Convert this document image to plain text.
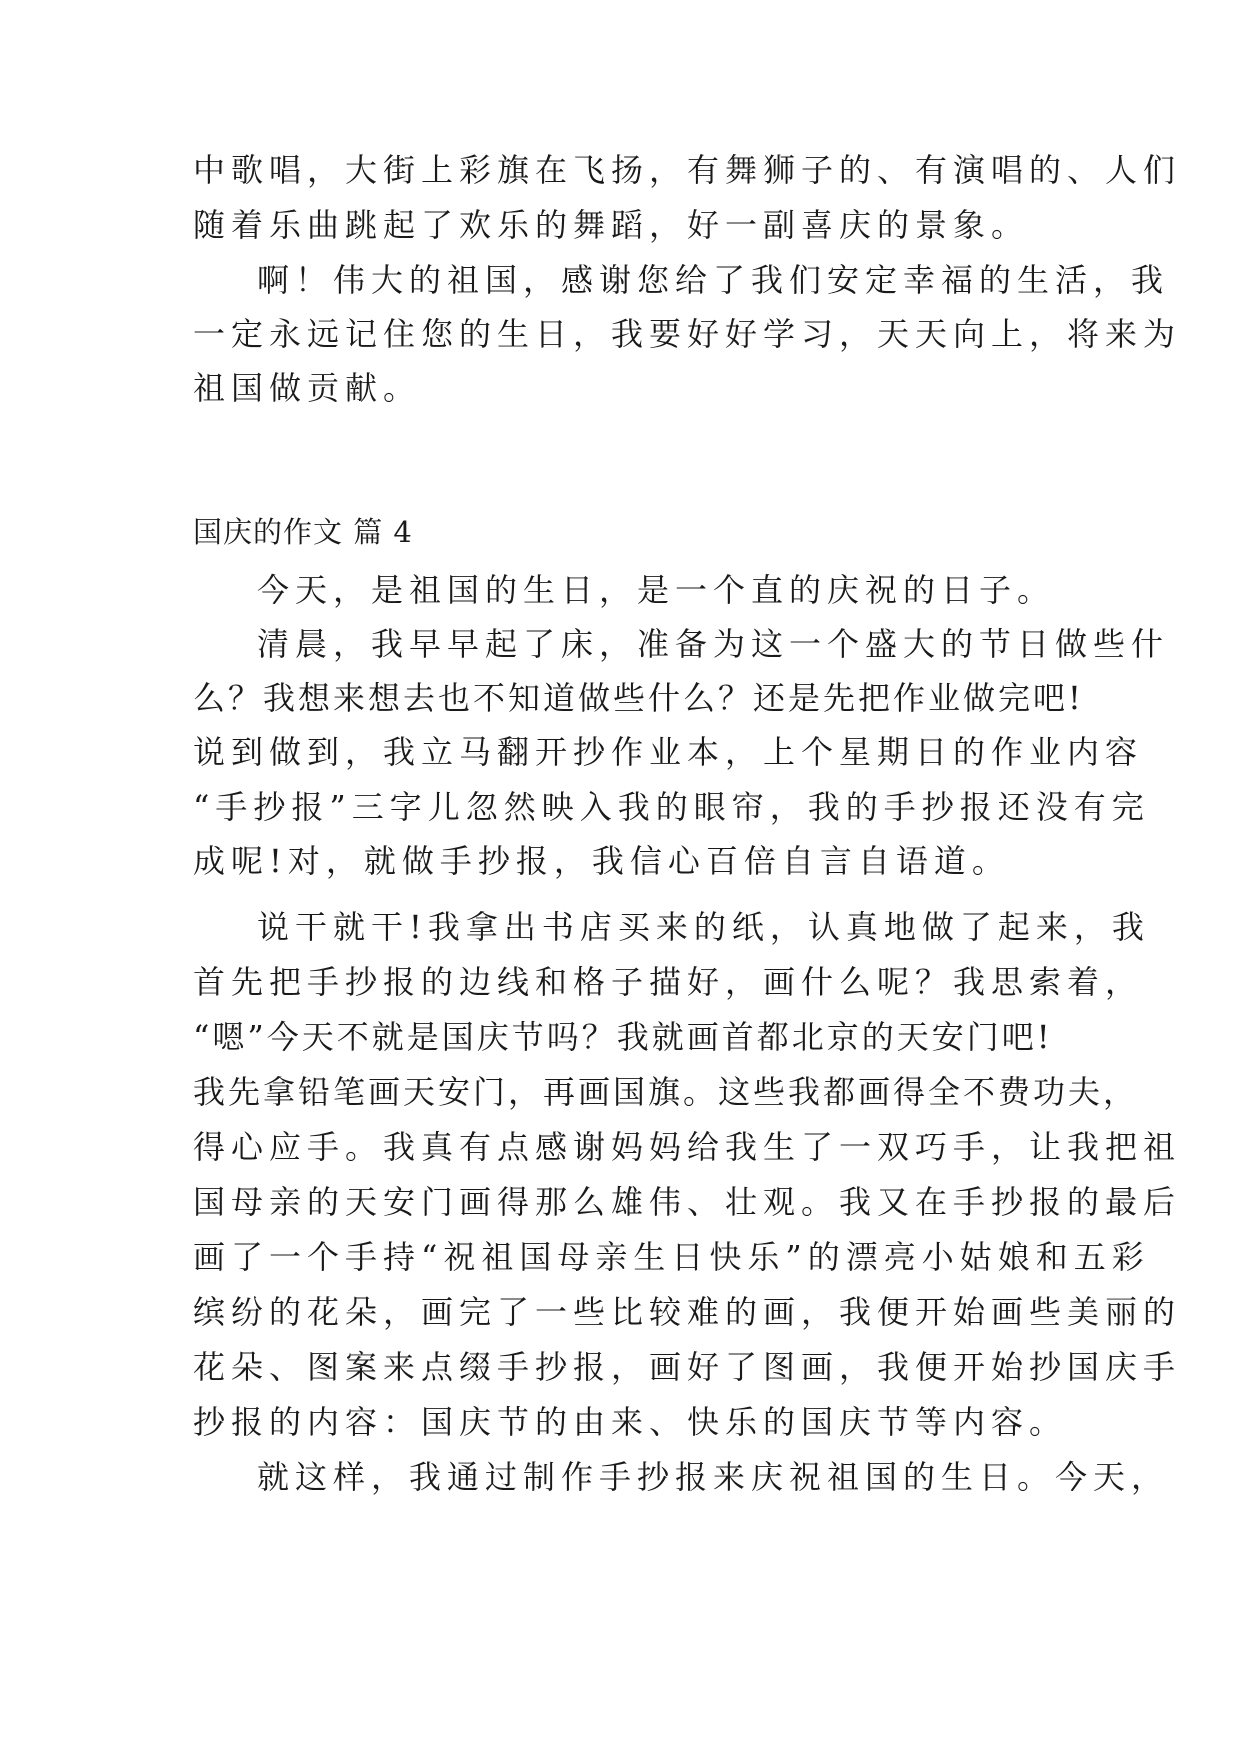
中歌唱，大街上彩旗在飞扬，有舞狮子的、有演唱的、人们
随着乐曲跳起了欢乐的舞蹈，好一副喜庆的景象。
啊！伟大的祖国，感谢您给了我们安定幸福的生活，我
一定永远记住您的生日，我要好好学习，天天向上，将来为
祖国做贡献。
国庆的作文 篇 4
今天，是祖国的生日，是一个直的庆祝的日子。
清晨，我早早起了床，准备为这一个盛大的节日做些什
么？我想来想去也不知道做些什么？还是先把作业做完吧!
说到做到，我立马翻开抄作业本，上个星期日的作业内容
“手抄报”三字儿忽然映入我的眼帘，我的手抄报还没有完
成呢!对，就做手抄报，我信心百倍自言自语道。
说干就干!我拿出书店买来的纸，认真地做了起来，我
首先把手抄报的边线和格子描好，画什么呢？我思索着，
“嗯”今天不就是国庆节吗？我就画首都北京的天安门吧!
我先拿铅笔画天安门，再画国旗。这些我都画得全不费功夫，
得心应手。我真有点感谢妈妈给我生了一双巧手，让我把祖
国母亲的天安门画得那么雄伟、壮观。我又在手抄报的最后
画了一个手持“祝祖国母亲生日快乐”的漂亮小姑娘和五彩
缤纷的花朵，画完了一些比较难的画，我便开始画些美丽的
花朵、图案来点缀手抄报，画好了图画，我便开始抄国庆手
抄报的内容：国庆节的由来、快乐的国庆节等内容。
就这样，我通过制作手抄报来庆祝祖国的生日。今天，
